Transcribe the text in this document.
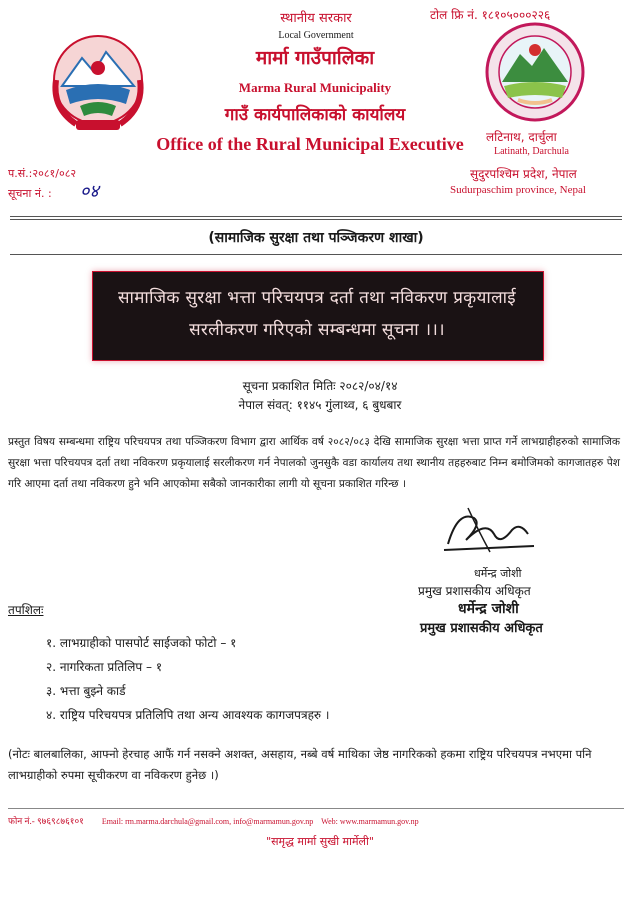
स्थानीय सरकार
Local Government
मार्मा गाउँपालिका
Marma Rural Municipality
गाउँ कार्यपालिकाको कार्यालय
Office of the Rural Municipal Executive
टोल फ्रि नं. १८१०५०००२२६
लटिनाथ, दार्चुला
Latinath, Darchula
सुदुरपश्चिम प्रदेश, नेपाल
Sudurpaschim province, Nepal
प.सं.:२०८१/०८२
सूचना नं. : ०४
(सामाजिक सुरक्षा तथा पञ्जिकरण शाखा)
सामाजिक सुरक्षा भत्ता परिचयपत्र दर्ता तथा नविकरण प्रकृयालाई
सरलीकरण गरिएको सम्बन्धमा सूचना ।।।
सूचना प्रकाशित मितिः २०८२/०४/१४
नेपाल संवत्: ११४५ गुंलाथ्व, ६ बुधबार
प्रस्तुत विषय सम्बन्धमा राष्ट्रिय परिचयपत्र तथा पञ्जिकरण विभाग द्वारा आर्थिक वर्ष २०८२/०८३ देखि सामाजिक सुरक्षा भत्ता प्राप्त गर्ने लाभग्राहीहरुको सामाजिक सुरक्षा भत्ता परिचयपत्र दर्ता तथा नविकरण प्रकृयालाई सरलीकरण गर्न नेपालको जुनसुकै वडा कार्यालय तथा स्थानीय तहहरुबाट निम्न बमोजिमको कागजातहरु पेश गरि आएमा दर्ता तथा नविकरण हुने भनि आएकोमा सबैको जानकारीका लागी यो सूचना प्रकाशित गरिन्छ ।
धर्मेन्द्र जोशी
प्रमुख प्रशासकीय अधिकृत
धर्मेन्द्र जोशी
प्रमुख प्रशासकीय अधिकृत
तपशिलः
१. लाभग्राहीको पासपोर्ट साईजको फोटो – १
२. नागरिकता प्रतिलिप – १
३. भत्ता बुझ्ने कार्ड
४. राष्ट्रिय परिचयपत्र प्रतिलिपि तथा अन्य आवश्यक कागजपत्रहरु ।
(नोटः बालबालिका, आफ्नो हेरचाह आफैं गर्न नसक्ने अशक्त, असहाय, नब्बे वर्ष माथिका जेष्ठ नागरिकको हकमा राष्ट्रिय परिचयपत्र नभएमा पनि लाभग्राहीको रुपमा सूचीकरण वा नविकरण हुनेछ ।)
फोन नं.- ९७६९८७६१०१ Email: rm.marma.darchula@gmail.com, info@marmamun.gov.np Web: www.marmamun.gov.np
"समृद्ध मार्मा सुखी मार्मेली"
